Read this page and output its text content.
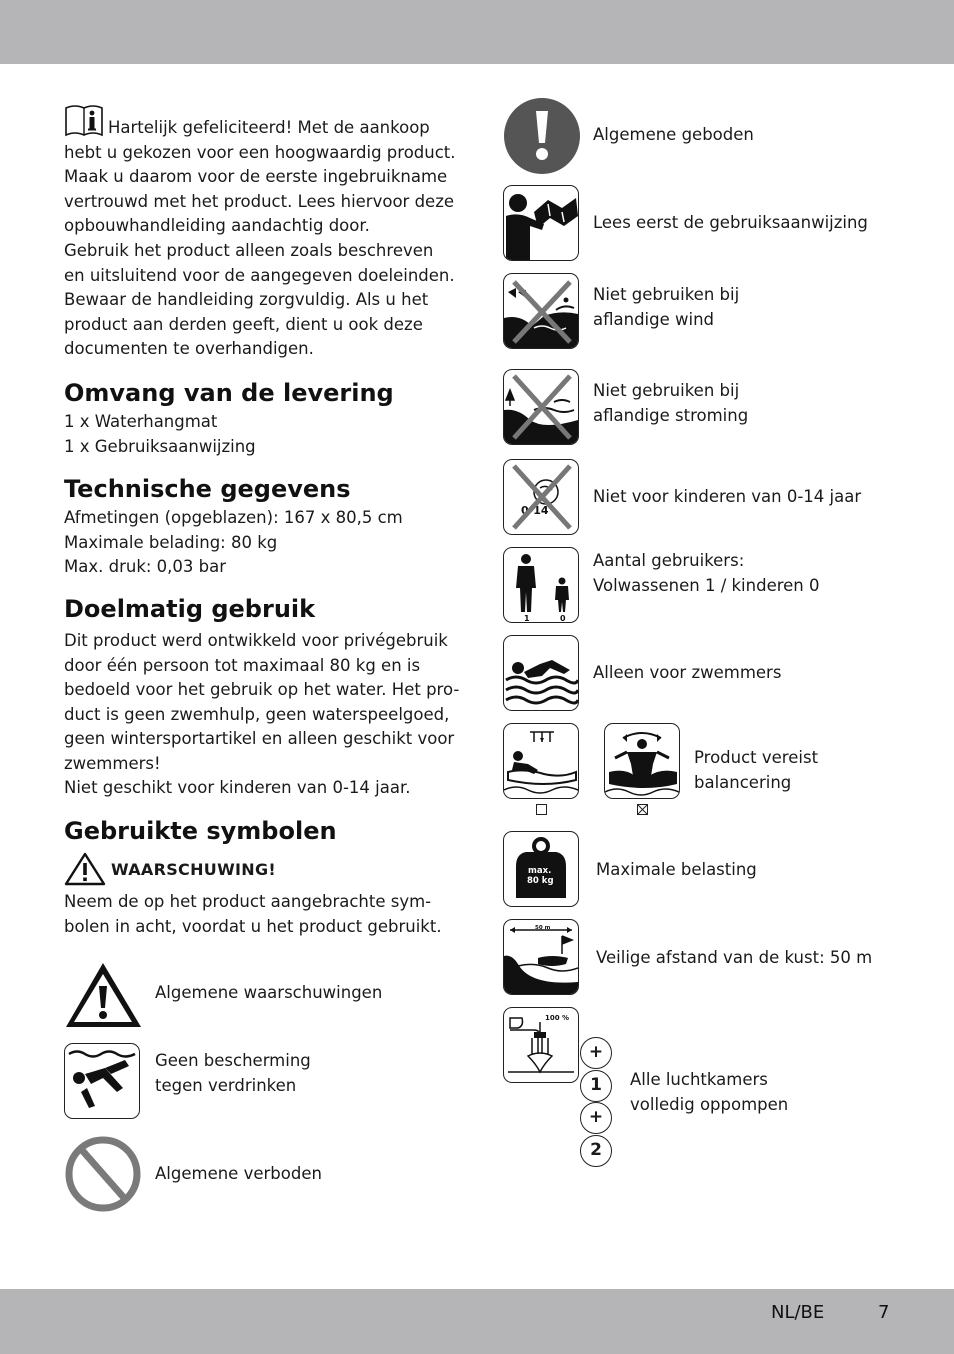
Hartelijk gefeliciteerd! Met de aankoop
hebt u gekozen voor een hoogwaardig product.
Maak u daarom voor de eerste ingebruikname
vertrouwd met het product. Lees hiervoor deze
opbouwhandleiding aandachtig door.
Gebruik het product alleen zoals beschreven
en uitsluitend voor de aangegeven doeleinden.
Bewaar de handleiding zorgvuldig. Als u het
product aan derden geeft, dient u ook deze
documenten te overhandigen.

Omvang van de levering

1 x Waterhangmat
1 x Gebruiksaanwijzing

Technische gegevens

Afmetingen (opgeblazen): 167 x 80,5 cm
Maximale belading: 80 kg
Max. druk: 0,03 bar

Doelmatig gebruik

Dit product werd ontwikkeld voor privégebruik
door één persoon tot maximaal 80 kg en is
bedoeld voor het gebruik op het water. Het pro-
duct is geen zwemhulp, geen waterspeelgoed,
geen wintersportartikel en alleen geschikt voor
zwemmers!
Niet geschikt voor kinderen van 0-14 jaar.

Gebruikte symbolen
WAARSCHUWING!

Neem de op het product aangebrachte sym-
bolen in acht, voordat u het product gebruikt.

Algemene waarschuwingen
Geen bescherming
tegen verdrinken
Algemene verboden
Algemene geboden
Lees eerst de gebruiksaanwijzing
Niet gebruiken bij
aflandige wind
Niet gebruiken bij
aflandige stroming
0-14
Niet voor kinderen van 0-14 jaar
1	0
Aantal gebruikers:
Volwassenen 1 / kinderen 0
Alleen voor zwemmers
Product vereist
balancering
max.
80 kg
Maximale belasting
50 m
Veilige afstand van de kust: 50 m
100 %
+
1
+
2
Alle luchtkamers
volledig oppompen
NL/BE	7
